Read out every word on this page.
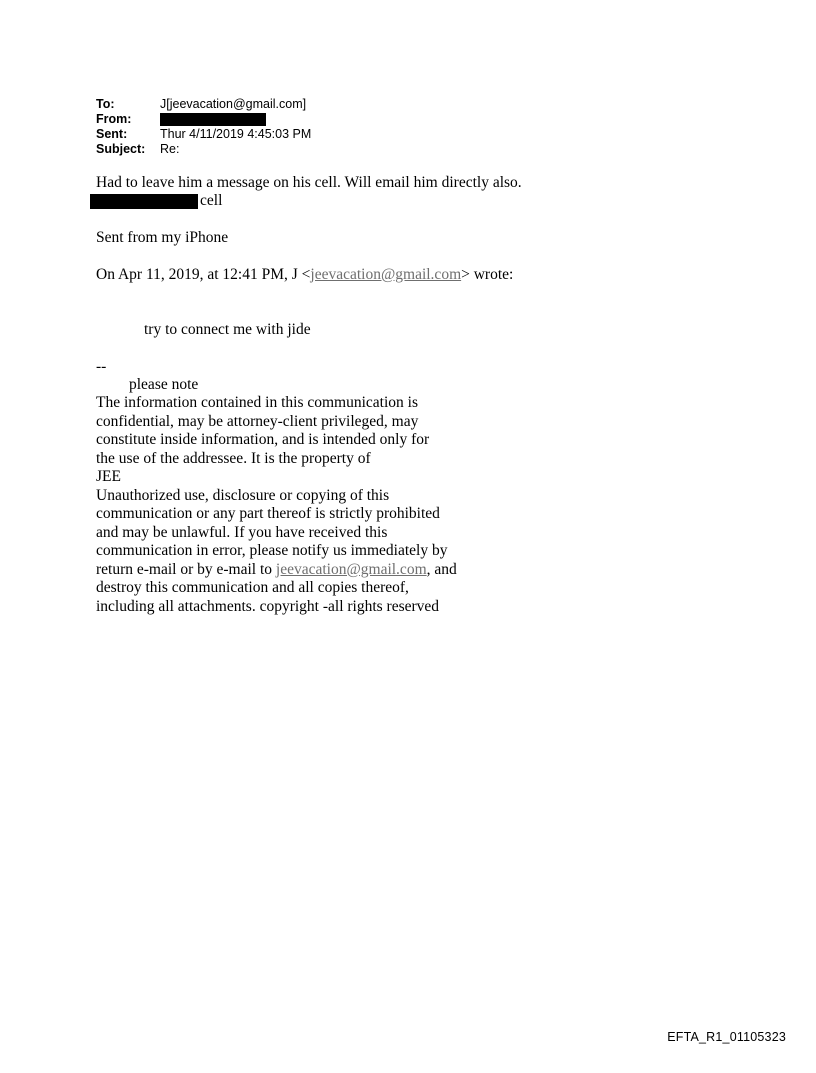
To:	J[jeevacation@gmail.com]
From:
Sent:	Thur 4/11/2019 4:45:03 PM
Subject:	Re:
Had to leave him a message on his cell. Will email him directly also.
cell
Sent from my iPhone
On Apr 11, 2019, at 12:41 PM, J <jeevacation@gmail.com> wrote:
try to connect me with jide
--
please note
The information contained in this communication is
confidential, may be attorney-client privileged, may
constitute inside information, and is intended only for
the use of the addressee. It is the property of
JEE
Unauthorized use, disclosure or copying of this
communication or any part thereof is strictly prohibited
and may be unlawful. If you have received this
communication in error, please notify us immediately by
return e-mail or by e-mail to jeevacation@gmail.com, and
destroy this communication and all copies thereof,
including all attachments. copyright -all rights reserved
EFTA_R1_01105323
